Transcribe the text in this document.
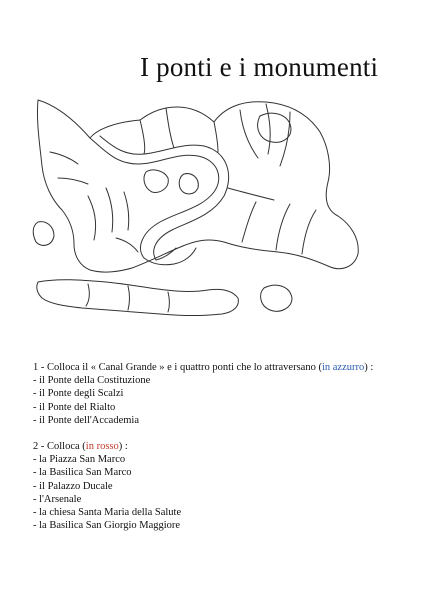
I ponti e i monumenti
1 - Colloca il « Canal Grande » e i quattro ponti che lo attraversano (in azzurro) :
- il Ponte della Costituzione
- il Ponte degli Scalzi
- il Ponte del Rialto
- il Ponte dell'Accademia
2 - Colloca (in rosso) :
- la Piazza San Marco
- la Basilica San Marco
- il Palazzo Ducale
- l'Arsenale
- la chiesa Santa Maria della Salute
- la Basilica San Giorgio Maggiore
